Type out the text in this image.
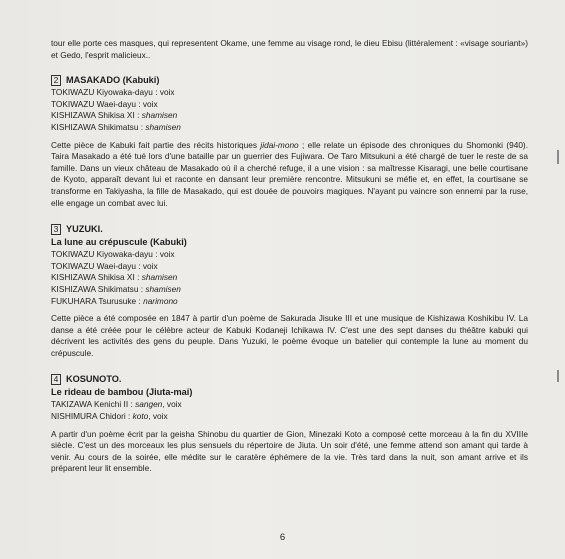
tour elle porte ces masques, qui representent Okame, une femme au visage rond, le dieu Ebisu (littéralement : «visage souriant») et Gedo, l'esprit malicieux..

2 MASAKADO (Kabuki)
TOKIWAZU Kiyowaka-dayu : voix
TOKIWAZU Waei-dayu : voix
KISHIZAWA Shikisa XI : shamisen
KISHIZAWA Shikimatsu : shamisen

Cette pièce de Kabuki fait partie des récits historiques jidai-mono ; elle relate un épisode des chroniques du Shomonki (940). Taira Masakado a été tué lors d'une bataille par un guerrier des Fujiwara. Oe Taro Mitsukuni a été chargé de tuer le reste de sa famille. Dans un vieux château de Masakado où il a cherché refuge, il a une vision : sa maîtresse Kisaragi, une belle courtisane de Kyoto, apparaît devant lui et raconte en dansant leur première rencontre. Mitsukuni se méfie et, en effet, la courtisane se transforme en Takiyasha, la fille de Masakado, qui est douée de pouvoirs magiques. N'ayant pu vaincre son ennemi par la ruse, elle engage un combat avec lui.

3 YUZUKI.
La lune au crépuscule (Kabuki)
TOKIWAZU Kiyowaka-dayu : voix
TOKIWAZU Waei-dayu : voix
KISHIZAWA Shikisa XI : shamisen
KISHIZAWA Shikimatsu : shamisen
FUKUHARA Tsurusuke : narimono

Cette pièce a été composée en 1847 à partir d'un poème de Sakurada Jisuke III et une musique de Kishizawa Koshikibu IV. La danse a été créée pour le célèbre acteur de Kabuki Kodaneji Ichikawa IV. C'est une des sept danses du théâtre kabuki qui décrivent les activités des gens du peuple. Dans Yuzuki, le poème évoque un batelier qui contemple la lune au moment du crépuscule.

4 KOSUNOTO.
Le rideau de bambou (Jiuta-mai)
TAKIZAWA Kenichi II : sangen, voix
NISHIMURA Chidori : koto, voix

A partir d'un poème écrit par la geisha Shinobu du quartier de Gion, Minezaki Koto a composé cette morceau à la fin du XVIIIe siècle. C'est un des morceaux les plus sensuels du répertoire de Jiuta. Un soir d'été, une femme attend son amant qui tarde à venir. Au cours de la soirée, elle médite sur le caratère éphémere de la vie. Très tard dans la nuit, son amant arrive et ils préparent leur lit ensemble.

6
